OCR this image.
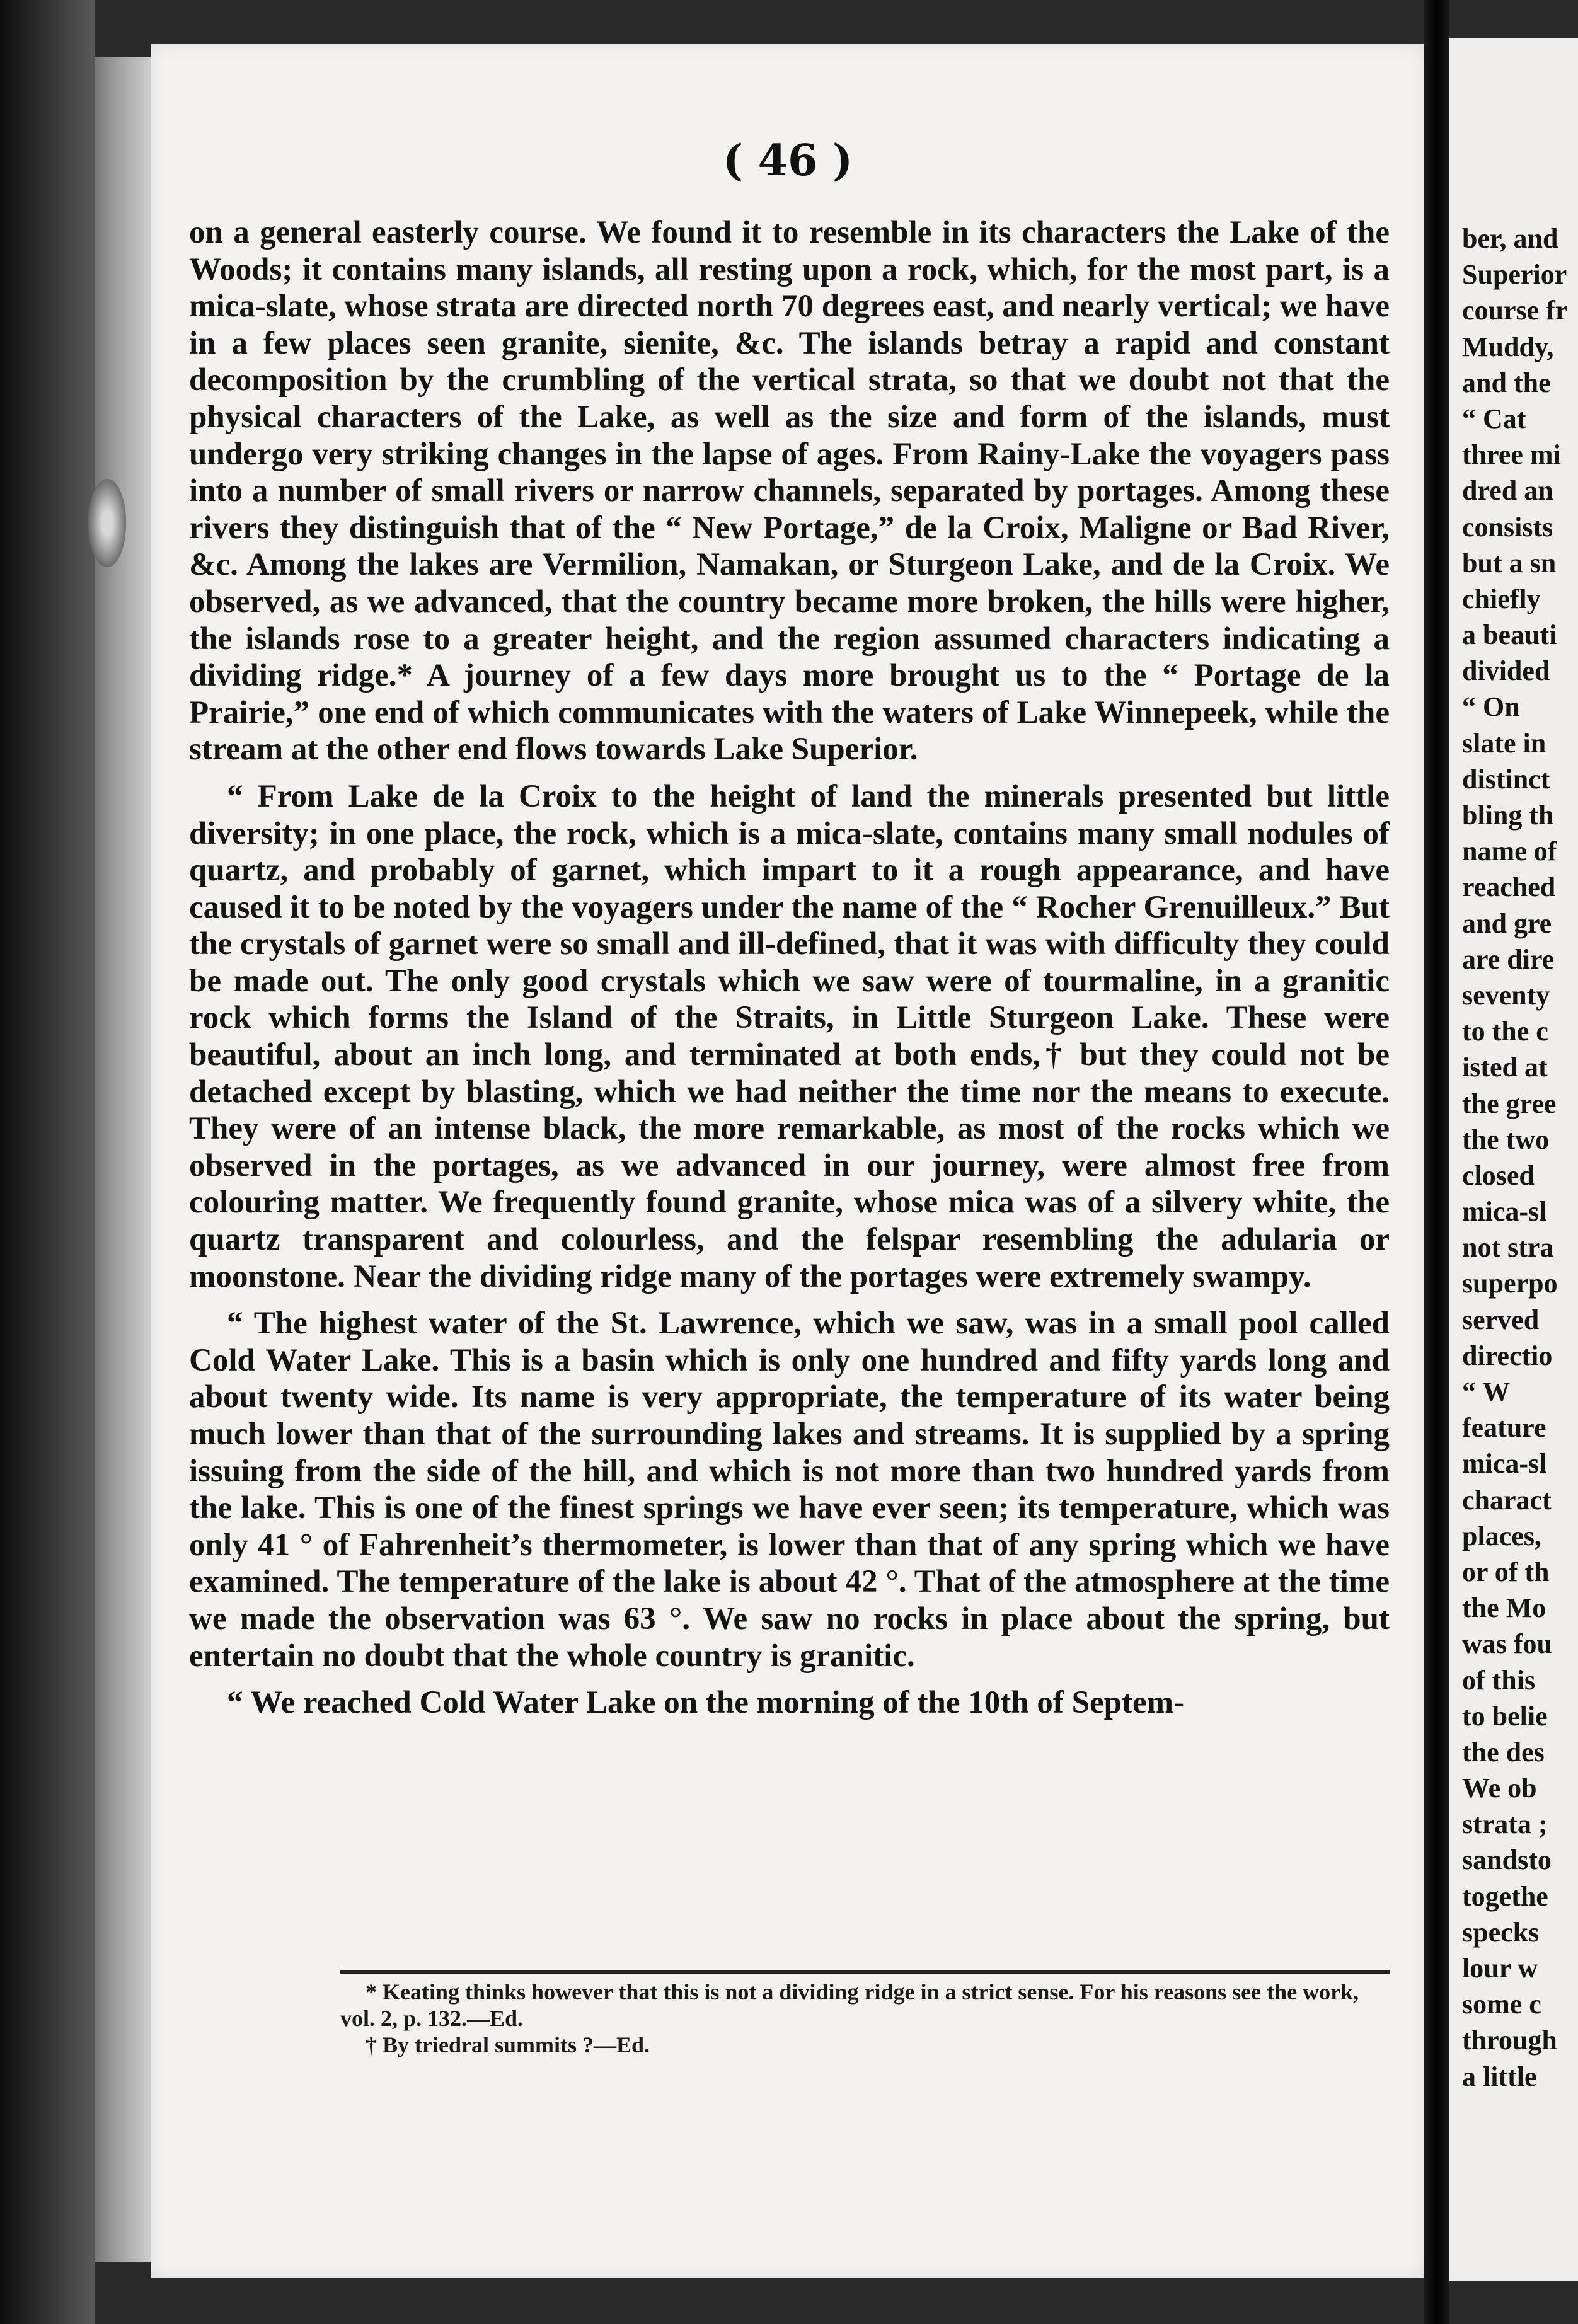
( 46 )

on a general easterly course. We found it to resemble in its characters the Lake of the Woods; it contains many islands, all resting upon a rock, which, for the most part, is a mica-slate, whose strata are directed north 70 degrees east, and nearly vertical; we have in a few places seen granite, sienite, &c. The islands betray a rapid and constant decomposition by the crumbling of the vertical strata, so that we doubt not that the physical characters of the Lake, as well as the size and form of the islands, must undergo very striking changes in the lapse of ages. From Rainy-Lake the voyagers pass into a number of small rivers or narrow channels, separated by portages. Among these rivers they distinguish that of the “ New Portage,” de la Croix, Maligne or Bad River, &c. Among the lakes are Vermilion, Namakan, or Sturgeon Lake, and de la Croix. We observed, as we advanced, that the country became more broken, the hills were higher, the islands rose to a greater height, and the region assumed characters indicating a dividing ridge.* A journey of a few days more brought us to the “ Portage de la Prairie,” one end of which communicates with the waters of Lake Winnepeek, while the stream at the other end flows towards Lake Superior.

“ From Lake de la Croix to the height of land the minerals presented but little diversity; in one place, the rock, which is a mica-slate, contains many small nodules of quartz, and probably of garnet, which impart to it a rough appearance, and have caused it to be noted by the voyagers under the name of the “ Rocher Grenuilleux.” But the crystals of garnet were so small and ill-defined, that it was with difficulty they could be made out. The only good crystals which we saw were of tourmaline, in a granitic rock which forms the Island of the Straits, in Little Sturgeon Lake. These were beautiful, about an inch long, and terminated at both ends,† but they could not be detached except by blasting, which we had neither the time nor the means to execute. They were of an intense black, the more remarkable, as most of the rocks which we observed in the portages, as we advanced in our journey, were almost free from colouring matter. We frequently found granite, whose mica was of a silvery white, the quartz transparent and colourless, and the felspar resembling the adularia or moonstone. Near the dividing ridge many of the portages were extremely swampy.

“ The highest water of the St. Lawrence, which we saw, was in a small pool called Cold Water Lake. This is a basin which is only one hundred and fifty yards long and about twenty wide. Its name is very appropriate, the temperature of its water being much lower than that of the surrounding lakes and streams. It is supplied by a spring issuing from the side of the hill, and which is not more than two hundred yards from the lake. This is one of the finest springs we have ever seen; its temperature, which was only 41 ° of Fahrenheit’s thermometer, is lower than that of any spring which we have examined. The temperature of the lake is about 42 °. That of the atmosphere at the time we made the observation was 63 °. We saw no rocks in place about the spring, but entertain no doubt that the whole country is granitic.

“ We reached Cold Water Lake on the morning of the 10th of Septem-

* Keating thinks however that this is not a dividing ridge in a strict sense. For his reasons see the work, vol. 2, p. 132.—Ed.

† By triedral summits ?—Ed.

ber, and
Superior
course fr
Muddy,
and the
“ Cat
three mi
dred an
consists
but a sn
chiefly
a beauti
divided
“ On
slate in
distinct
bling th
name of
reached
and gre
are dire
seventy
to the c
isted at
the gree
the two
closed
mica-sl
not stra
superpo
served
directio
“ W
feature
mica-sl
charact
places,
or of th
the Mo
was fou
of this
to belie
the des
We ob
strata ;
sandsto
togethe
specks
lour w
some c
through
a little
